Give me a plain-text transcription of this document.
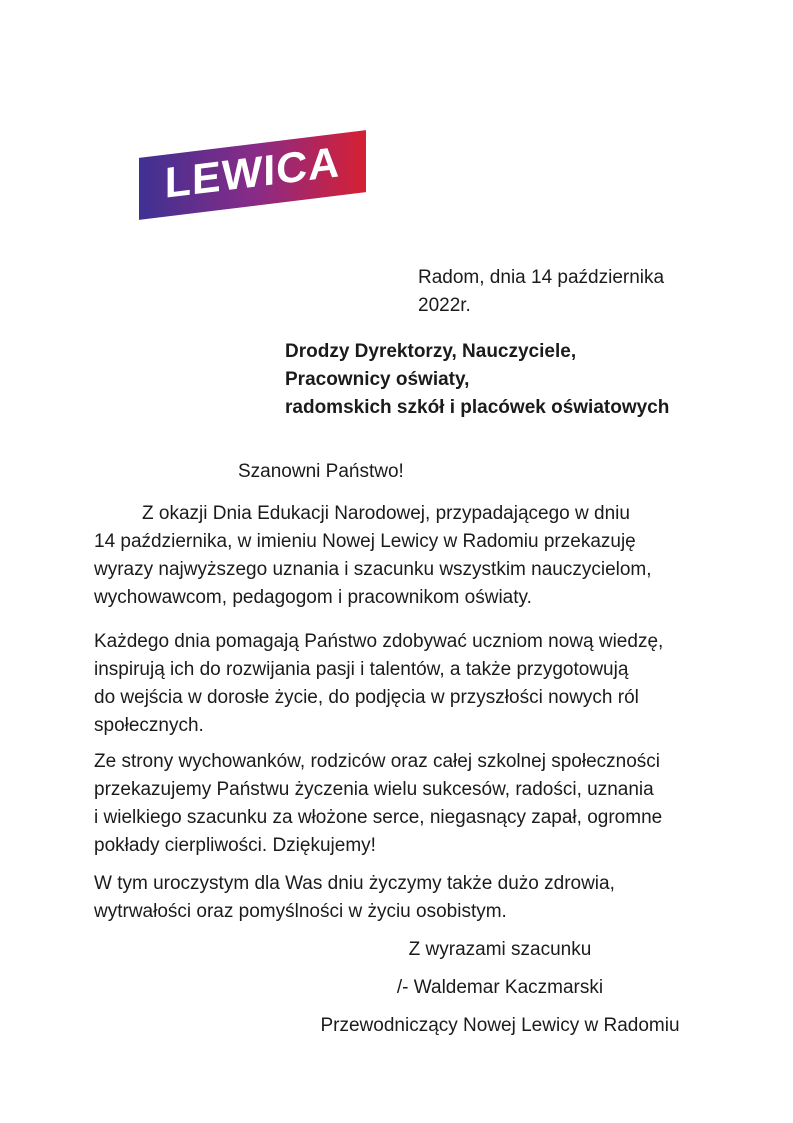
LEWICA
Radom, dnia 14 października 2022r.
Drodzy Dyrektorzy, Nauczyciele,
Pracownicy oświaty,
radomskich szkół i placówek oświatowych
Szanowni Państwo!
Z okazji Dnia Edukacji Narodowej, przypadającego w dniu
14 października, w imieniu Nowej Lewicy w Radomiu przekazuję
wyrazy najwyższego uznania i szacunku wszystkim nauczycielom,
wychowawcom, pedagogom i pracownikom oświaty.
Każdego dnia pomagają Państwo zdobywać uczniom nową wiedzę,
inspirują ich do rozwijania pasji i talentów, a także przygotowują
do wejścia w dorosłe życie, do podjęcia w przyszłości nowych ról
społecznych.
Ze strony wychowanków, rodziców oraz całej szkolnej społeczności
przekazujemy Państwu życzenia wielu sukcesów, radości, uznania
i wielkiego szacunku za włożone serce, niegasnący zapał, ogromne
pokłady cierpliwości. Dziękujemy!
W tym uroczystym dla Was dniu życzymy także dużo zdrowia,
wytrwałości oraz pomyślności w życiu osobistym.
Z wyrazami szacunku
/- Waldemar Kaczmarski
Przewodniczący Nowej Lewicy w Radomiu
